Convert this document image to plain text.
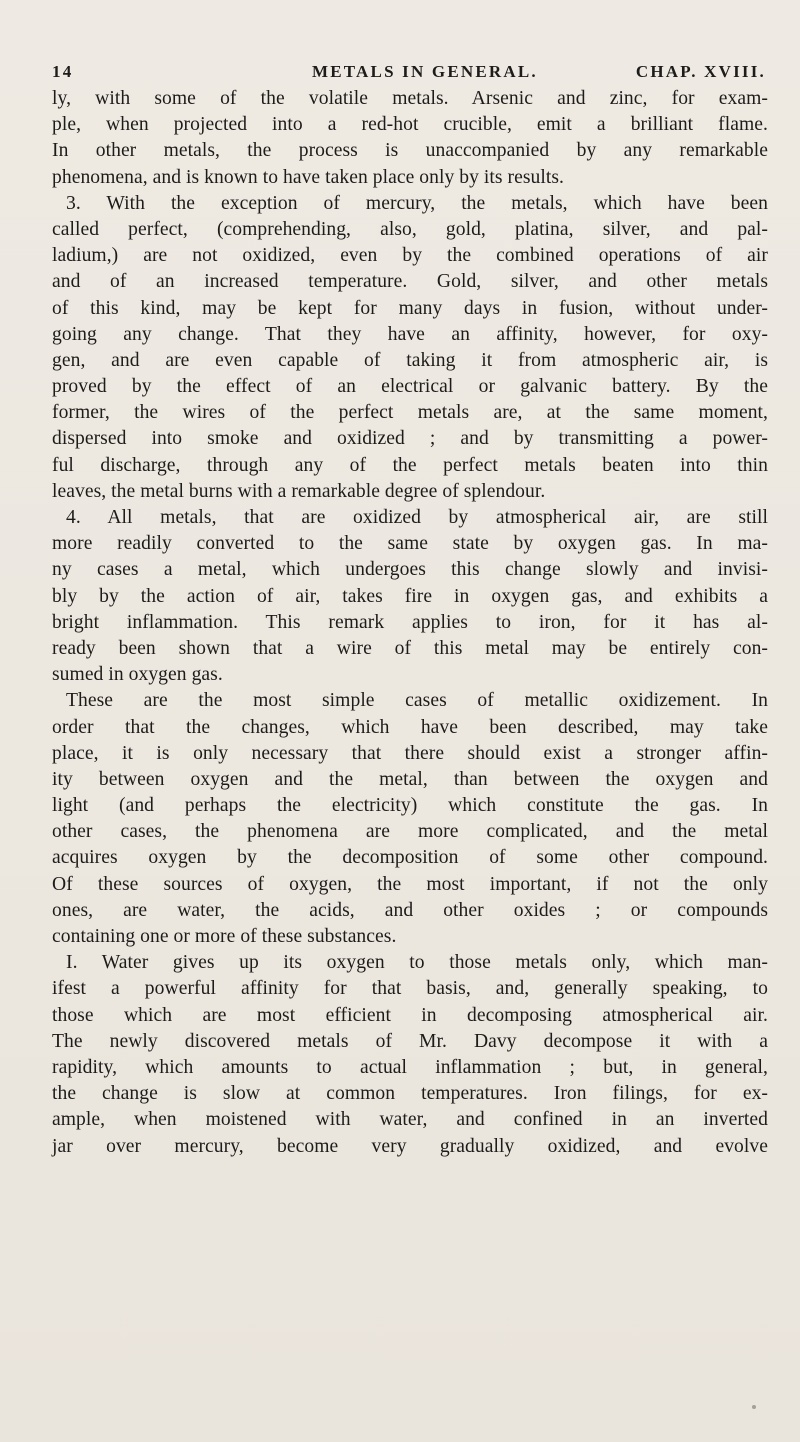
14	METALS IN GENERAL.	CHAP. XVIII.
ly, with some of the volatile metals. Arsenic and zinc, for exam-
ple, when projected into a red-hot crucible, emit a brilliant flame.
In other metals, the process is unaccompanied by any remarkable
phenomena, and is known to have taken place only by its results.
3. With the exception of mercury, the metals, which have been
called perfect, (comprehending, also, gold, platina, silver, and pal-
ladium,) are not oxidized, even by the combined operations of air
and of an increased temperature. Gold, silver, and other metals
of this kind, may be kept for many days in fusion, without under-
going any change. That they have an affinity, however, for oxy-
gen, and are even capable of taking it from atmospheric air, is
proved by the effect of an electrical or galvanic battery. By the
former, the wires of the perfect metals are, at the same moment,
dispersed into smoke and oxidized ; and by transmitting a power-
ful discharge, through any of the perfect metals beaten into thin
leaves, the metal burns with a remarkable degree of splendour.
4. All metals, that are oxidized by atmospherical air, are still
more readily converted to the same state by oxygen gas. In ma-
ny cases a metal, which undergoes this change slowly and invisi-
bly by the action of air, takes fire in oxygen gas, and exhibits a
bright inflammation. This remark applies to iron, for it has al-
ready been shown that a wire of this metal may be entirely con-
sumed in oxygen gas.
These are the most simple cases of metallic oxidizement. In
order that the changes, which have been described, may take
place, it is only necessary that there should exist a stronger affin-
ity between oxygen and the metal, than between the oxygen and
light (and perhaps the electricity) which constitute the gas. In
other cases, the phenomena are more complicated, and the metal
acquires oxygen by the decomposition of some other compound.
Of these sources of oxygen, the most important, if not the only
ones, are water, the acids, and other oxides ; or compounds
containing one or more of these substances.
I. Water gives up its oxygen to those metals only, which man-
ifest a powerful affinity for that basis, and, generally speaking, to
those which are most efficient in decomposing atmospherical air.
The newly discovered metals of Mr. Davy decompose it with a
rapidity, which amounts to actual inflammation ; but, in general,
the change is slow at common temperatures. Iron filings, for ex-
ample, when moistened with water, and confined in an inverted
jar over mercury, become very gradually oxidized, and evolve
